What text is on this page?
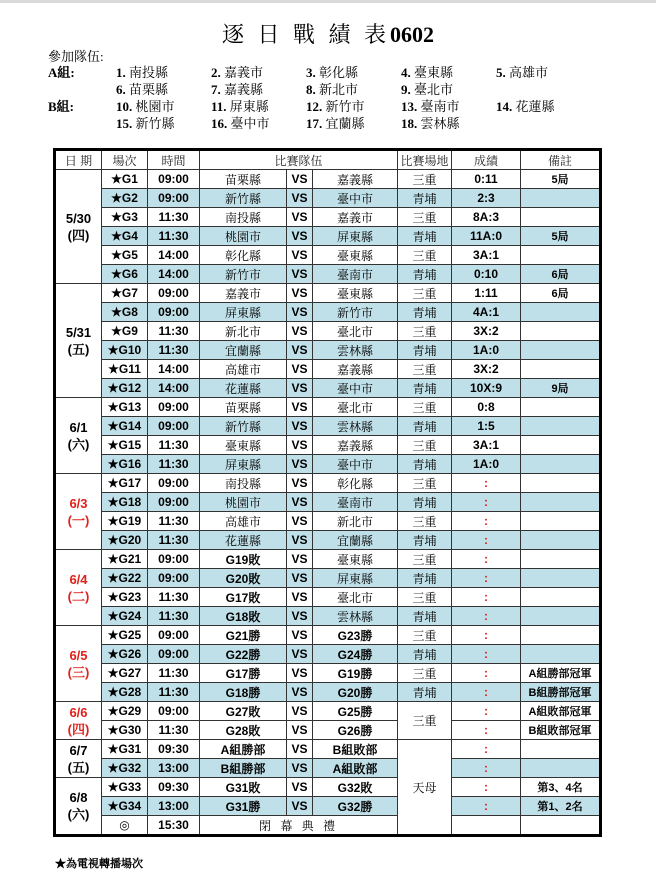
逐 日 戰 績 表0602
參加隊伍:
A組:	1. 南投縣	2. 嘉義市	3. 彰化縣	4. 臺東縣	5. 高雄市
6. 苗栗縣	7. 嘉義縣	8. 新北市	9. 臺北市
B組:	10. 桃園市	11. 屏東縣	12. 新竹市	13. 臺南市	14. 花蓮縣
15. 新竹縣	16. 臺中市	17. 宜蘭縣	18. 雲林縣
日 期	場次	時間	比賽隊伍			比賽場地	成績	備註

5/30
(四)	★G1	09:00	苗栗縣	VS	嘉義縣	三重	0:11	5局
	★G2	09:00	新竹縣	VS	臺中市	青埔	2:3	
	★G3	11:30	南投縣	VS	嘉義市	三重	8A:3	
	★G4	11:30	桃園市	VS	屏東縣	青埔	11A:0	5局
	★G5	14:00	彰化縣	VS	臺東縣	三重	3A:1	
	★G6	14:00	新竹市	VS	臺南市	青埔	0:10	6局

5/31
(五)	★G7	09:00	嘉義市	VS	臺東縣	三重	1:11	6局
	★G8	09:00	屏東縣	VS	新竹市	青埔	4A:1	
	★G9	11:30	新北市	VS	臺北市	三重	3X:2	
	★G10	11:30	宜蘭縣	VS	雲林縣	青埔	1A:0	
	★G11	14:00	高雄市	VS	嘉義縣	三重	3X:2	
	★G12	14:00	花蓮縣	VS	臺中市	青埔	10X:9	9局

6/1
(六)	★G13	09:00	苗栗縣	VS	臺北市	三重	0:8	
	★G14	09:00	新竹縣	VS	雲林縣	青埔	1:5	
	★G15	11:30	臺東縣	VS	嘉義縣	三重	3A:1	
	★G16	11:30	屏東縣	VS	臺中市	青埔	1A:0	

6/3
(一)	★G17	09:00	南投縣	VS	彰化縣	三重	:	
	★G18	09:00	桃園市	VS	臺南市	青埔	:	
	★G19	11:30	高雄市	VS	新北市	三重	:	
	★G20	11:30	花蓮縣	VS	宜蘭縣	青埔	:	

6/4
(二)	★G21	09:00	G19敗	VS	臺東縣	三重	:	
	★G22	09:00	G20敗	VS	屏東縣	青埔	:	
	★G23	11:30	G17敗	VS	臺北市	三重	:	
	★G24	11:30	G18敗	VS	雲林縣	青埔	:	

6/5
(三)	★G25	09:00	G21勝	VS	G23勝	三重	:	
	★G26	09:00	G22勝	VS	G24勝	青埔	:	
	★G27	11:30	G17勝	VS	G19勝	三重	:	A組勝部冠軍
	★G28	11:30	G18勝	VS	G20勝	青埔	:	B組勝部冠軍

6/6
(四)	★G29	09:00	G27敗	VS	G25勝	三重	:	A組敗部冠軍
	★G30	11:30	G28敗	VS	G26勝		:	B組敗部冠軍

6/7
(五)	★G31	09:30	A組勝部	VS	B組敗部	天母	:	
	★G32	13:00	B組勝部	VS	A組敗部		:	

6/8
(六)	★G33	09:30	G31敗	VS	G32敗		:	第3、4名
	★G34	13:00	G31勝	VS	G32勝		:	第1、2名
	◎	15:30	閉 幕 典 禮					
★為電視轉播場次
